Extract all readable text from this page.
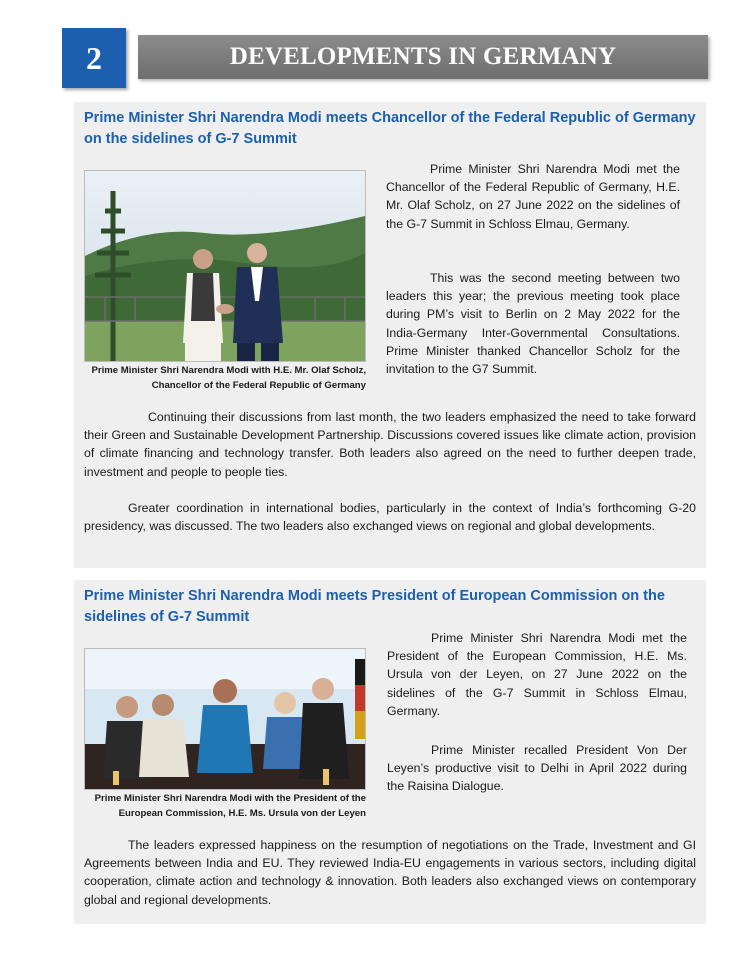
2	DEVELOPMENTS IN GERMANY
Prime Minister Shri Narendra Modi meets Chancellor of the Federal Republic of Germany on the sidelines of G-7 Summit

Prime Minister Shri Narendra Modi with H.E. Mr. Olaf Scholz, Chancellor of the Federal Republic of Germany

Prime Minister Shri Narendra Modi met the Chancellor of the Federal Republic of Germany, H.E. Mr. Olaf Scholz, on 27 June 2022 on the sidelines of the G-7 Summit in Schloss Elmau, Germany.

This was the second meeting between two leaders this year; the previous meeting took place during PM’s visit to Berlin on 2 May 2022 for the India-Germany Inter-Governmental Consultations. Prime Minister thanked Chancellor Scholz for the invitation to the G7 Summit.

Continuing their discussions from last month, the two leaders emphasized the need to take forward their Green and Sustainable Development Partnership. Discussions covered issues like climate action, provision of climate financing and technology transfer. Both leaders also agreed on the need to further deepen trade, investment and people to people ties.

Greater coordination in international bodies, particularly in the context of India’s forthcoming G-20 presidency, was discussed. The two leaders also exchanged views on regional and global developments.

Prime Minister Shri Narendra Modi meets President of European Commission on the sidelines of G-7 Summit

Prime Minister Shri Narendra Modi with the President of the European Commission, H.E. Ms. Ursula von der Leyen

Prime Minister Shri Narendra Modi met the President of the European Commission, H.E. Ms. Ursula von der Leyen, on 27 June 2022 on the sidelines of the G-7 Summit in Schloss Elmau, Germany.

Prime Minister recalled President Von Der Leyen’s productive visit to Delhi in April 2022 during the Raisina Dialogue.

The leaders expressed happiness on the resumption of negotiations on the Trade, Investment and GI Agreements between India and EU. They reviewed India-EU engagements in various sectors, including digital cooperation, climate action and technology & innovation. Both leaders also exchanged views on contemporary global and regional developments.
